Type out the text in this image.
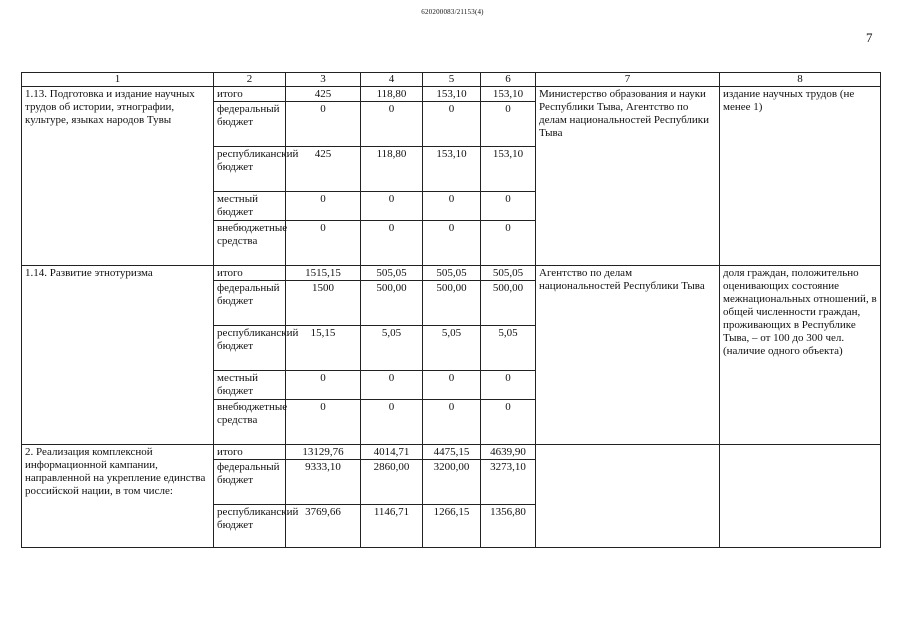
620200083/21153(4)
7
1	2	3	4	5	6	7	8
1.13. Подготовка и издание научных трудов об истории, этнографии, культуре, языках народов Тувы	итого	425	118,80	153,10	153,10	Министерство образования и науки Республики Тыва, Агентство по делам национальностей Республики Тыва	издание научных трудов (не менее 1)
	федеральный бюджет	0	0	0	0		
	республиканский бюджет	425	118,80	153,10	153,10		
	местный бюджет	0	0	0	0		
	внебюджетные средства	0	0	0	0		
1.14. Развитие этнотуризма	итого	1515,15	505,05	505,05	505,05	Агентство по делам национальностей Республики Тыва	доля граждан, положительно оценивающих состояние межнациональных отношений, в общей численности граждан, проживающих в Республике Тыва, – от 100 до 300 чел. (наличие одного объекта)
	федеральный бюджет	1500	500,00	500,00	500,00		
	республиканский бюджет	15,15	5,05	5,05	5,05		
	местный бюджет	0	0	0	0		
	внебюджетные средства	0	0	0	0		
2. Реализация комплексной информационной кампании, направленной на укрепление единства российской нации, в том числе:	итого	13129,76	4014,71	4475,15	4639,90		
	федеральный бюджет	9333,10	2860,00	3200,00	3273,10		
	республиканский бюджет	3769,66	1146,71	1266,15	1356,80		
